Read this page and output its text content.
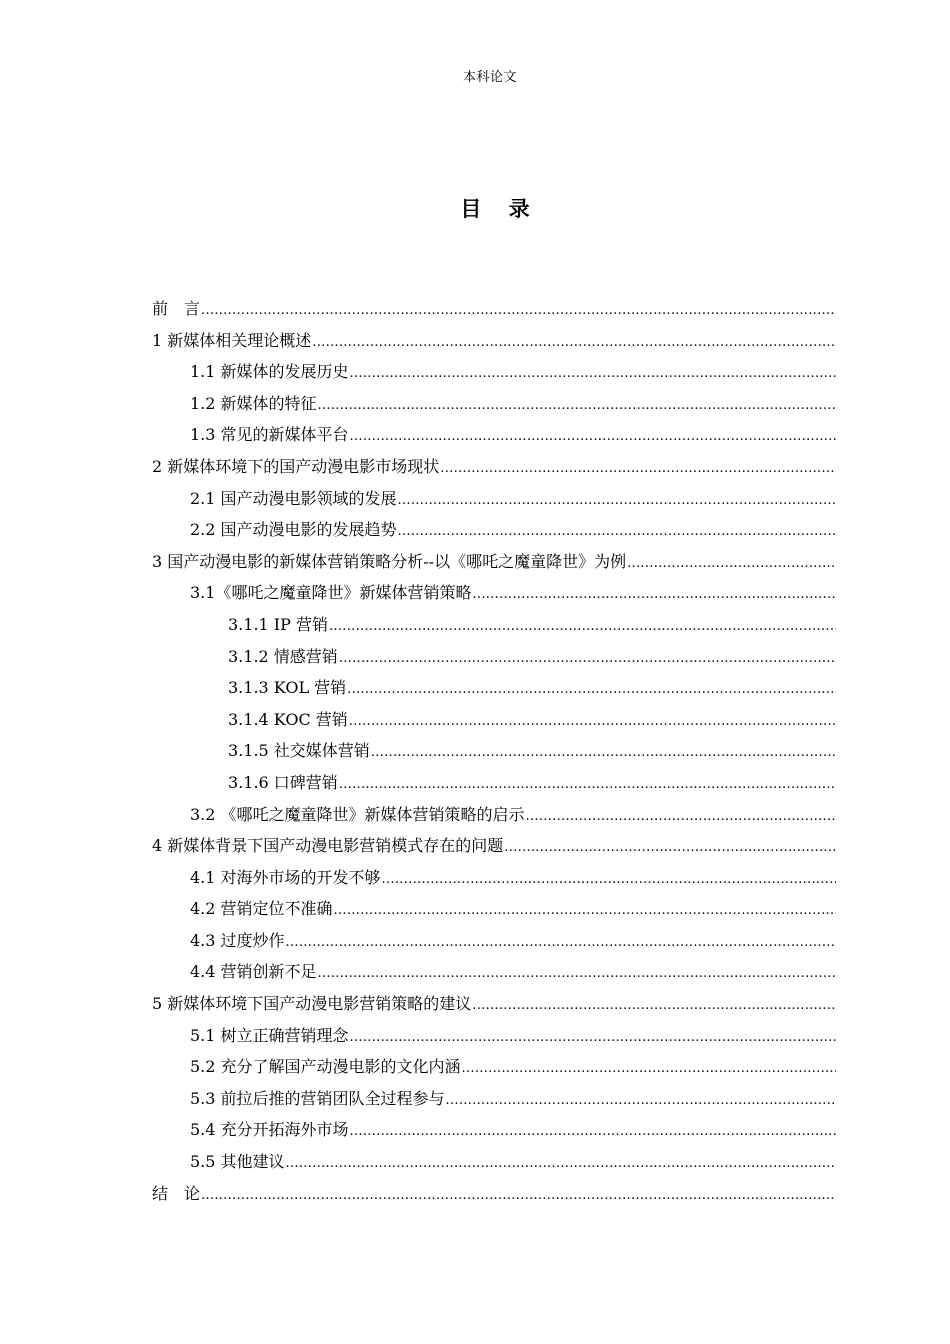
本科论文
目 录
前　言
.....
1 新媒体相关理论概述
.....
1.1 新媒体的发展历史
.....
1.2 新媒体的特征
.....
1.3 常见的新媒体平台
.....
2 新媒体环境下的国产动漫电影市场现状
.....
2.1 国产动漫电影领域的发展
.....
2.2 国产动漫电影的发展趋势
.....
3 国产动漫电影的新媒体营销策略分析--以《哪吒之魔童降世》为例
.....
3.1《哪吒之魔童降世》新媒体营销策略
.....
3.1.1 IP 营销
.....
3.1.2 情感营销
.....
3.1.3 KOL 营销
.....
3.1.4 KOC 营销
.....
3.1.5 社交媒体营销
.....
3.1.6 口碑营销
.....
3.2 《哪吒之魔童降世》新媒体营销策略的启示
.....
4 新媒体背景下国产动漫电影营销模式存在的问题
.....
4.1 对海外市场的开发不够
.....
4.2 营销定位不准确
.....
4.3 过度炒作
.....
4.4 营销创新不足
.....
5 新媒体环境下国产动漫电影营销策略的建议
.....
5.1 树立正确营销理念
.....
5.2 充分了解国产动漫电影的文化内涵
.....
5.3 前拉后推的营销团队全过程参与
.....
5.4 充分开拓海外市场
.....
5.5 其他建议
.....
结　论
.....
